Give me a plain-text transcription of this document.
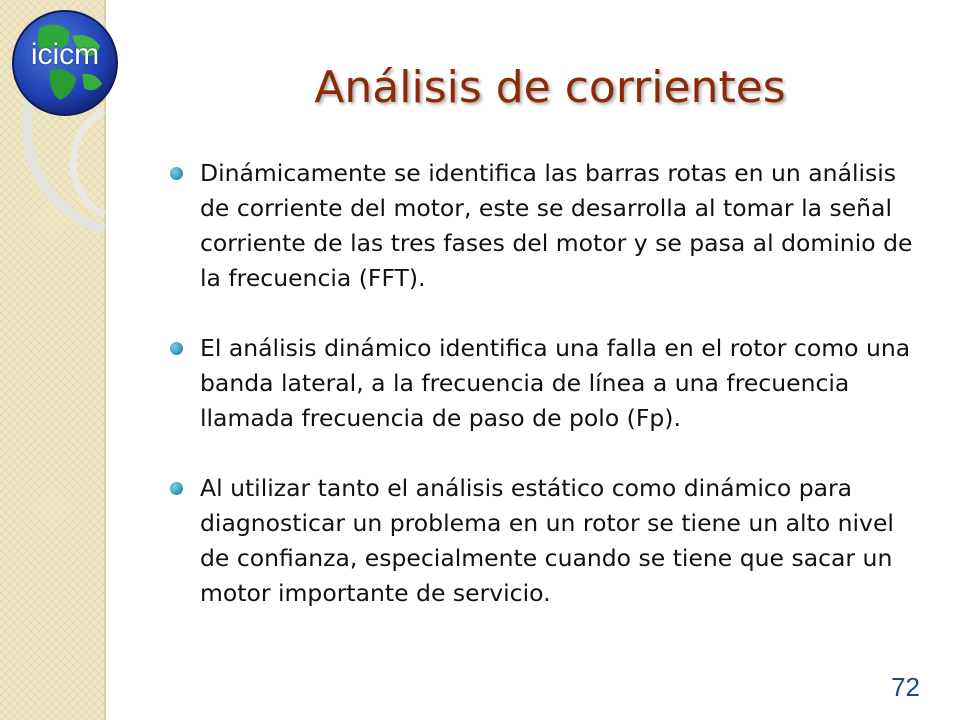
icicm
Análisis de corrientes
Dinámicamente se identifica las barras rotas en un análisis de corriente del motor, este se desarrolla al tomar la señal corriente de las tres fases del motor y se pasa al dominio de la frecuencia (FFT).
El análisis dinámico identifica una falla en el rotor como una banda lateral, a la frecuencia de línea a una frecuencia llamada frecuencia de paso de polo (Fp).
Al utilizar tanto el análisis estático como dinámico para diagnosticar un problema en un rotor se tiene un alto nivel de confianza, especialmente cuando se tiene que sacar un motor importante de servicio.
72
